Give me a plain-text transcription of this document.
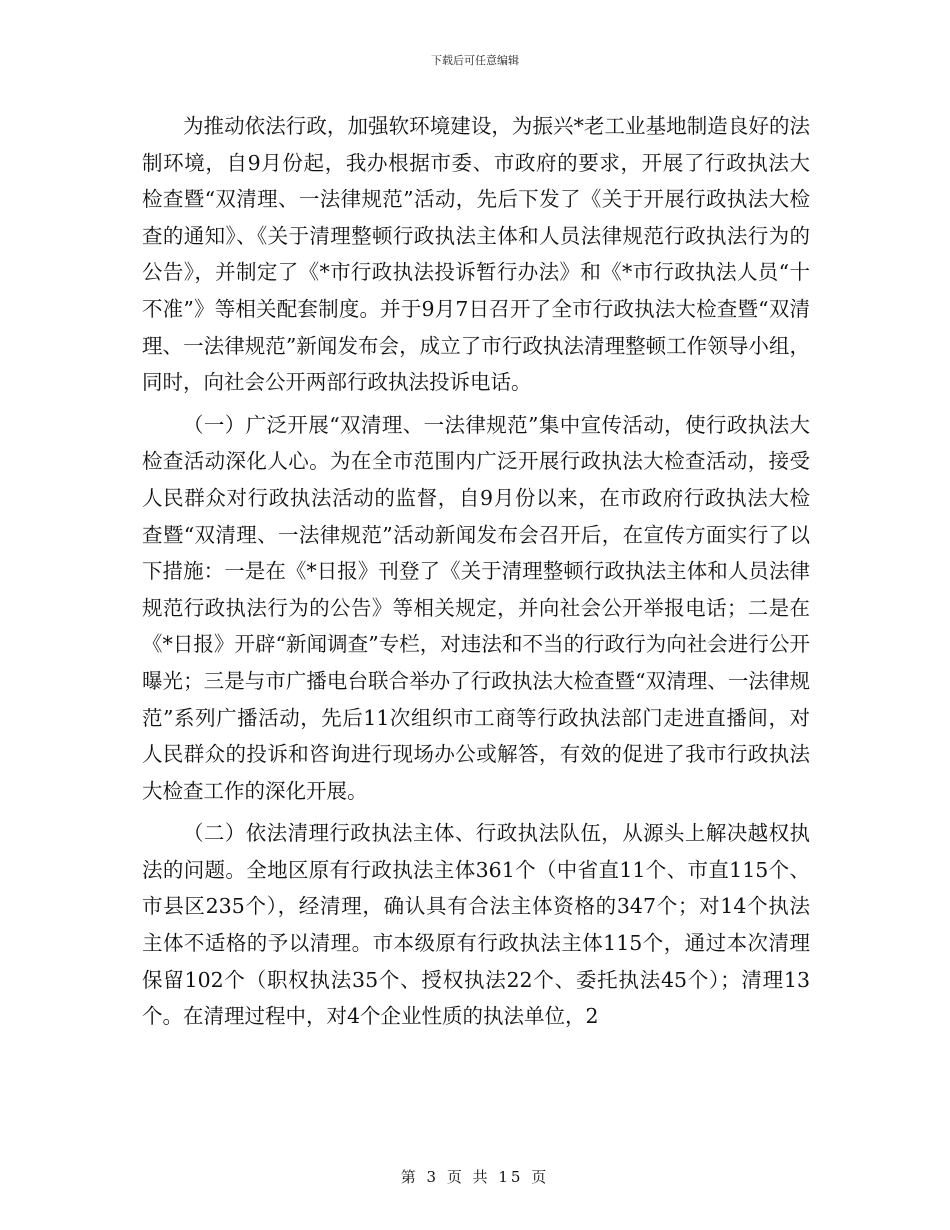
下载后可任意编辑

为推动依法行政，加强软环境建设，为振兴*老工业基地制造良好的法制环境，自9月份起，我办根据市委、市政府的要求，开展了行政执法大检查暨“双清理、一法律规范”活动，先后下发了《关于开展行政执法大检查的通知》、《关于清理整顿行政执法主体和人员法律规范行政执法行为的公告》，并制定了《*市行政执法投诉暂行办法》和《*市行政执法人员“十不准”》等相关配套制度。并于9月7日召开了全市行政执法大检查暨“双清理、一法律规范”新闻发布会，成立了市行政执法清理整顿工作领导小组，同时，向社会公开两部行政执法投诉电话。

（一）广泛开展“双清理、一法律规范”集中宣传活动，使行政执法大检查活动深化人心。为在全市范围内广泛开展行政执法大检查活动，接受人民群众对行政执法活动的监督，自9月份以来，在市政府行政执法大检查暨“双清理、一法律规范”活动新闻发布会召开后，在宣传方面实行了以下措施：一是在《*日报》刊登了《关于清理整顿行政执法主体和人员法律规范行政执法行为的公告》等相关规定，并向社会公开举报电话；二是在《*日报》开辟“新闻调查”专栏，对违法和不当的行政行为向社会进行公开曝光；三是与市广播电台联合举办了行政执法大检查暨“双清理、一法律规范”系列广播活动，先后11次组织市工商等行政执法部门走进直播间，对人民群众的投诉和咨询进行现场办公或解答，有效的促进了我市行政执法大检查工作的深化开展。

（二）依法清理行政执法主体、行政执法队伍，从源头上解决越权执法的问题。全地区原有行政执法主体361个（中省直11个、市直115个、市县区235个），经清理，确认具有合法主体资格的347个；对14个执法主体不适格的予以清理。市本级原有行政执法主体115个，通过本次清理保留102个（职权执法35个、授权执法22个、委托执法45个）；清理13个。在清理过程中，对4个企业性质的执法单位，2

第 3 页 共 15 页
